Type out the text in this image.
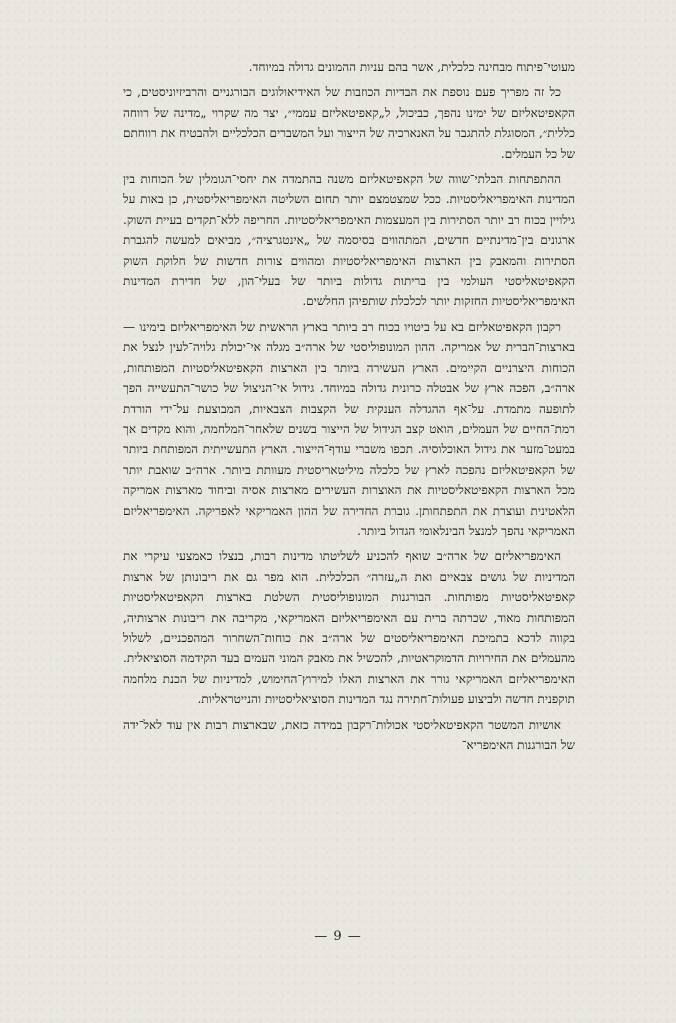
מעוטי־פיתוח מבחינה כלכלית, אשר בהם עניות ההמונים גדולה במיוחד.

כל זה מפריך פעם נוספת את הבדיות הכוזבות של האידיאולוגים הבורגניים והרביזיוניסטים, כי הקאפיטאליזם של ימינו נהפך, כביכול, ל„קאפיטאליזם עממי״, יצר מה שקרוי „מדינה של רווחה כללית״, המסוגלת להתגבר על האנארכיה של הייצור ועל המשברים הכלכליים ולהבטיח את רווחתם של כל העמלים.

ההתפתחות הבלתי־שווה של הקאפיטאליזם משנה בהתמדה את יחסי־הגומלין של הכוחות בין המדינות האימפריאליסטיות. ככל שמצטמצם יותר תחום השליטה האימפריאליסטית, כן באות על גילויין בכוח רב יותר הסתירות בין המעצמות האימפריאליסטיות. החריפה ללא־תקדים בעיית השוק. ארגונים בין־מדינתיים חדשים, המתהווים בסיסמה של „אינטגרציה״, מביאים למעשה להגברת הסתירות והמאבק בין הארצות האימפריאליסטיות ומהווים צורות חדשות של חלוקת השוק הקאפיטאליסטי העולמי בין בריתות גדולות ביותר של בעלי־הון, של חדירת המדינות האימפריאליסטיות החזקות יותר לכלכלת שותפיהן החלשים.

רקבון הקאפיטאליזם בא על ביטויו בכוח רב ביותר בארץ הראשית של האימפריאליזם בימינו — בארצות־הברית של אמריקה. ההון המונופוליסטי של ארה״ב מגלה אי־יכולת גלויה־לעין לנצל את הכוחות היצרניים הקיימים. הארץ העשירה ביותר בין הארצות הקאפיטאליסטיות המפותחות, ארה״ב, הפכה ארץ של אבטלה כרונית גדולה במיוחד. גידול אי־הניצול של כושר־התעשייה הפך לתופעה מתמדת. על־אף ההגדלה הענקית של הקצבות הצבאיות, המבוצעת על־ידי הורדת רמת־החיים של העמלים, הואט קצב הגידול של הייצור בשנים שלאחר־המלחמה, והוא מקדים אך במעט־מזער את גידול האוכלוסיה. תכפו משברי עודף־הייצור. הארץ התעשייתית המפותחת ביותר של הקאפיטאליזם נהפכה לארץ של כלכלה מיליטאריסטית מעוותת ביותר. ארה״ב שואבת יותר מכל הארצות הקאפיטאליסטיות את האוצרות העשירים מארצות אסיה וביחוד מארצות אמריקה הלאטינית ועוצרת את התפתחותן. גוברת החדירה של ההון האמריקאי לאפריקה. האימפריאליזם האמריקאי נהפך למנצל הבינלאומי הגדול ביותר.

האימפריאליזם של ארה״ב שואף להכניע לשליטתו מדינות רבות, בנצלו כאמצעי עיקרי את המדיניות של גושים צבאיים ואת ה„עזרה״ הכלכלית. הוא מפר גם את ריבונותן של ארצות קאפיטאליסטיות מפותחות. הבורגנות המונופוליסטית השלטת בארצות הקאפיטאליסטיות המפותחות מאוד, שכרתה ברית עם האימפריאליזם האמריקאי, מקריבה את ריבונות ארצותיה, בקווה לדכא בתמיכת האימפריאליסטים של ארה״ב את כוחות־השחרור המהפכניים, לשלול מהעמלים את החירויות הדמוקראטיות, להכשיל את מאבק המוני העמים בעד הקידמה הסוציאלית. האימפריאליזם האמריקאי גורר את הארצות האלו למירוץ־החימוש, למדיניות של הכנת מלחמה תוקפנית חדשה ולביצוע פעולות־חתירה נגד המדינות הסוציאליסטיות והנייטראליות.

אושיות המשטר הקאפיטאליסטי אכולות־רקבון במידה כזאת, שבארצות רבות אין עוד לאל־ידה של הבורגנות האימפריא־

— 9 —
